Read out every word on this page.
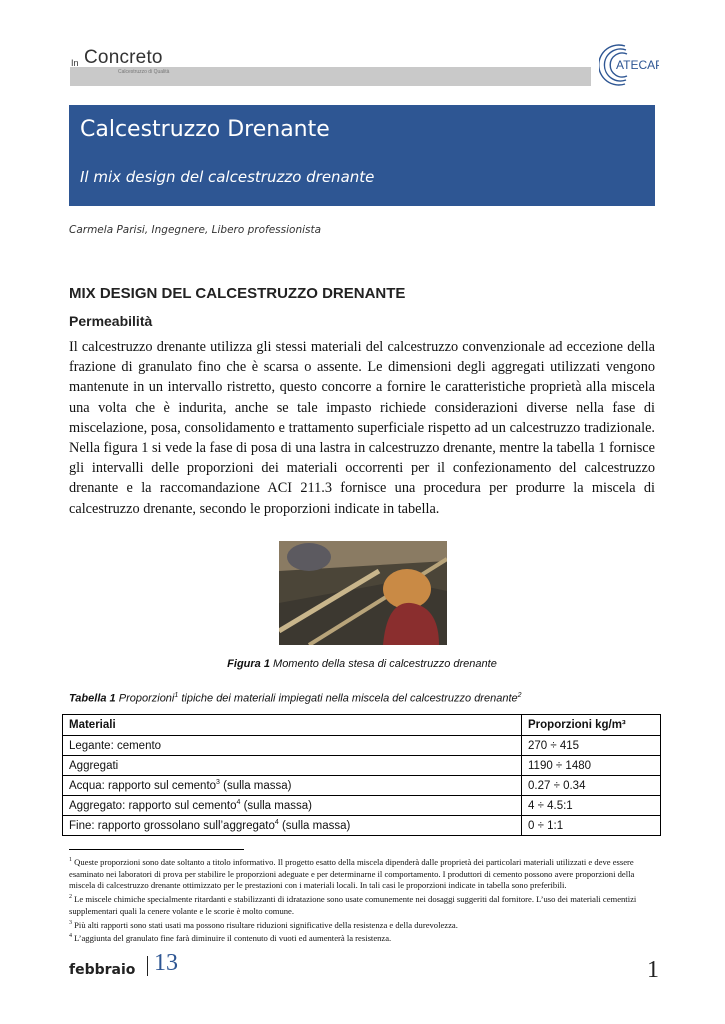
In Concreto
Calcestruzzo di Qualità	ATECAP
Calcestruzzo Drenante
Il mix design del calcestruzzo drenante
Carmela Parisi, Ingegnere, Libero professionista
MIX DESIGN DEL CALCESTRUZZO DRENANTE
Permeabilità
Il calcestruzzo drenante utilizza gli stessi materiali del calcestruzzo convenzionale ad eccezione della frazione di granulato fino che è scarsa o assente. Le dimensioni degli aggregati utilizzati vengono mantenute in un intervallo ristretto, questo concorre a fornire le caratteristiche proprietà alla miscela una volta che è indurita, anche se tale impasto richiede considerazioni diverse nella fase di miscelazione, posa, consolidamento e trattamento superficiale rispetto ad un calcestruzzo tradizionale. Nella figura 1 si vede la fase di posa di una lastra in calcestruzzo drenante, mentre la tabella 1 fornisce gli intervalli delle proporzioni dei materiali occorrenti per il confezionamento del calcestruzzo drenante e la raccomandazione ACI 211.3 fornisce una procedura per produrre la miscela di calcestruzzo drenante, secondo le proporzioni indicate in tabella.
Figura 1 Momento della stesa di calcestruzzo drenante
Tabella 1 Proporzioni$^1$ tipiche dei materiali impiegati nella miscela del calcestruzzo drenante$^2$
Materiali	Proporzioni kg/m³
Legante: cemento	270 ÷ 415
Aggregati	1190 ÷ 1480
Acqua: rapporto sul cemento$^3$ (sulla massa)	0.27 ÷ 0.34
Aggregato: rapporto sul cemento$^4$ (sulla massa)	4 ÷ 4.5:1
Fine: rapporto grossolano sull’aggregato$^4$ (sulla massa)	0 ÷ 1:1

$^1$ Queste proporzioni sono date soltanto a titolo informativo. Il progetto esatto della miscela dipenderà dalle proprietà dei particolari materiali utilizzati e deve essere esaminato nei laboratori di prova per stabilire le proporzioni adeguate e per determinarne il comportamento. I produttori di cemento possono avere proporzioni della miscela di calcestruzzo drenante ottimizzato per le prestazioni con i materiali locali. In tali casi le proporzioni indicate in tabella sono preferibili.

$^2$ Le miscele chimiche specialmente ritardanti e stabilizzanti di idratazione sono usate comunemente nei dosaggi suggeriti dal fornitore. L’uso dei materiali cementizi supplementari quali la cenere volante e le scorie è molto comune.

$^3$ Più alti rapporti sono stati usati ma possono risultare riduzioni significative della resistenza e della durevolezza.

$^4$ L’aggiunta del granulato fine farà diminuire il contenuto di vuoti ed aumenterà la resistenza.

febbraio 13	1
